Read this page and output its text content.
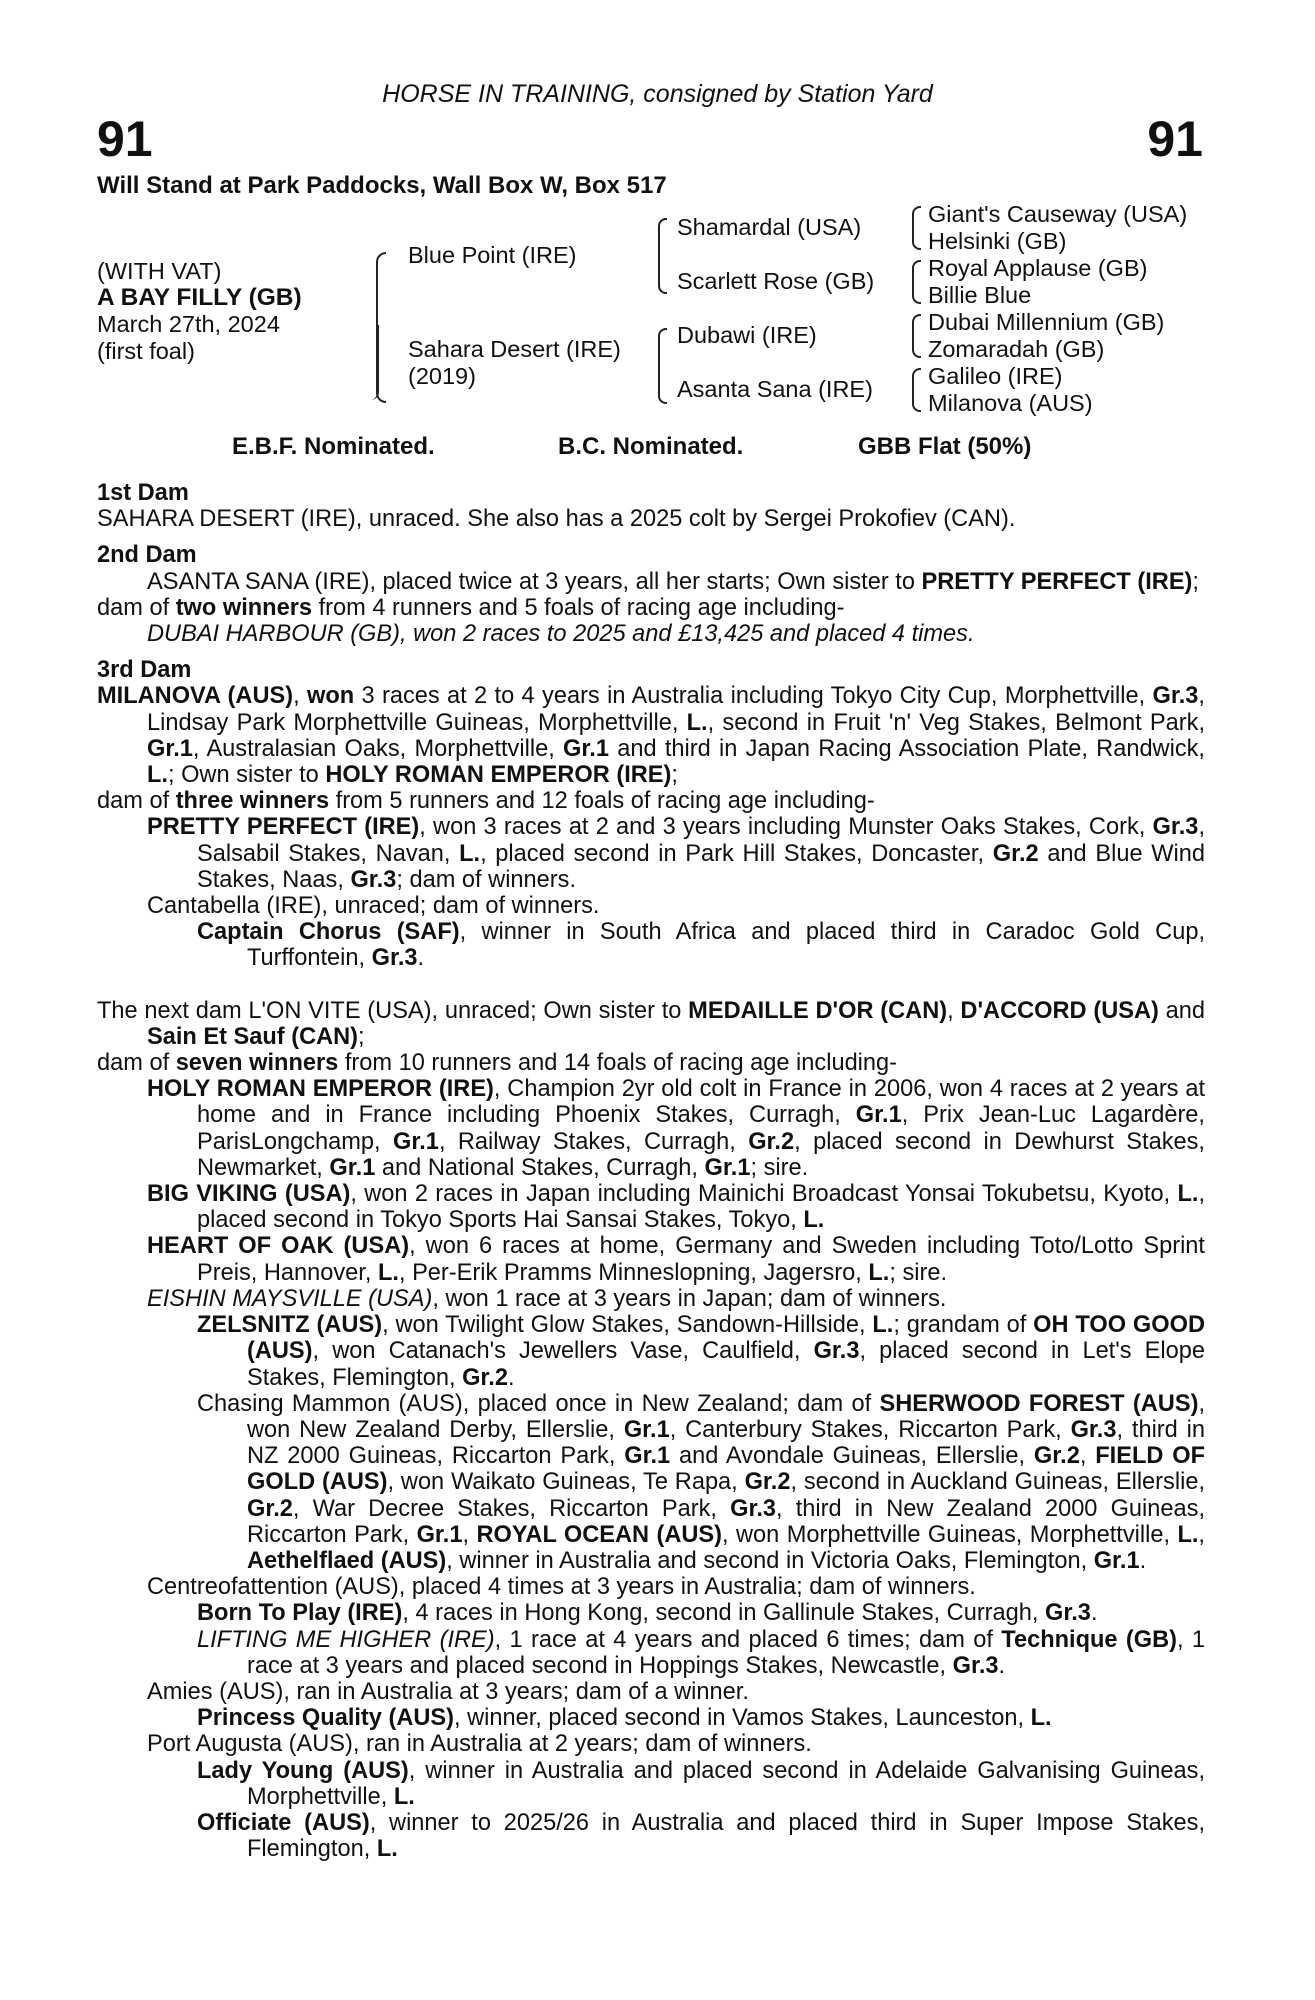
HORSE IN TRAINING, consigned by Station Yard
91	91
Will Stand at Park Paddocks, Wall Box W, Box 517
(WITH VAT)
A BAY FILLY (GB)
March 27th, 2024
(first foal)
Blue Point (IRE)
Sahara Desert (IRE)
(2019)
Shamardal (USA)
Scarlett Rose (GB)
Dubawi (IRE)
Asanta Sana (IRE)
Giant's Causeway (USA)
Helsinki (GB)
Royal Applause (GB)
Billie Blue
Dubai Millennium (GB)
Zomaradah (GB)
Galileo (IRE)
Milanova (AUS)
E.B.F. Nominated.	B.C. Nominated.	GBB Flat (50%)

1st Dam

SAHARA DESERT (IRE), unraced. She also has a 2025 colt by Sergei Prokofiev (CAN).

2nd Dam

ASANTA SANA (IRE), placed twice at 3 years, all her starts; Own sister to PRETTY PERFECT (IRE);

dam of two winners from 4 runners and 5 foals of racing age including-

DUBAI HARBOUR (GB), won 2 races to 2025 and £13,425 and placed 4 times.

3rd Dam

MILANOVA (AUS), won 3 races at 2 to 4 years in Australia including Tokyo City Cup, Morphettville, Gr.3, Lindsay Park Morphettville Guineas, Morphettville, L., second in Fruit 'n' Veg Stakes, Belmont Park, Gr.1, Australasian Oaks, Morphettville, Gr.1 and third in Japan Racing Association Plate, Randwick, L.; Own sister to HOLY ROMAN EMPEROR (IRE);

dam of three winners from 5 runners and 12 foals of racing age including-

PRETTY PERFECT (IRE), won 3 races at 2 and 3 years including Munster Oaks Stakes, Cork, Gr.3, Salsabil Stakes, Navan, L., placed second in Park Hill Stakes, Doncaster, Gr.2 and Blue Wind Stakes, Naas, Gr.3; dam of winners.

Cantabella (IRE), unraced; dam of winners.

Captain Chorus (SAF), winner in South Africa and placed third in Caradoc Gold Cup, Turffontein, Gr.3.

The next dam L'ON VITE (USA), unraced; Own sister to MEDAILLE D'OR (CAN), D'ACCORD (USA) and Sain Et Sauf (CAN);

dam of seven winners from 10 runners and 14 foals of racing age including-

HOLY ROMAN EMPEROR (IRE), Champion 2yr old colt in France in 2006, won 4 races at 2 years at home and in France including Phoenix Stakes, Curragh, Gr.1, Prix Jean-Luc Lagardère, ParisLongchamp, Gr.1, Railway Stakes, Curragh, Gr.2, placed second in Dewhurst Stakes, Newmarket, Gr.1 and National Stakes, Curragh, Gr.1; sire.

BIG VIKING (USA), won 2 races in Japan including Mainichi Broadcast Yonsai Tokubetsu, Kyoto, L., placed second in Tokyo Sports Hai Sansai Stakes, Tokyo, L.

HEART OF OAK (USA), won 6 races at home, Germany and Sweden including Toto/Lotto Sprint Preis, Hannover, L., Per-Erik Pramms Minneslopning, Jagersro, L.; sire.

EISHIN MAYSVILLE (USA), won 1 race at 3 years in Japan; dam of winners.

ZELSNITZ (AUS), won Twilight Glow Stakes, Sandown-Hillside, L.; grandam of OH TOO GOOD (AUS), won Catanach's Jewellers Vase, Caulfield, Gr.3, placed second in Let's Elope Stakes, Flemington, Gr.2.

Chasing Mammon (AUS), placed once in New Zealand; dam of SHERWOOD FOREST (AUS), won New Zealand Derby, Ellerslie, Gr.1, Canterbury Stakes, Riccarton Park, Gr.3, third in NZ 2000 Guineas, Riccarton Park, Gr.1 and Avondale Guineas, Ellerslie, Gr.2, FIELD OF GOLD (AUS), won Waikato Guineas, Te Rapa, Gr.2, second in Auckland Guineas, Ellerslie, Gr.2, War Decree Stakes, Riccarton Park, Gr.3, third in New Zealand 2000 Guineas, Riccarton Park, Gr.1, ROYAL OCEAN (AUS), won Morphettville Guineas, Morphettville, L., Aethelflaed (AUS), winner in Australia and second in Victoria Oaks, Flemington, Gr.1.

Centreofattention (AUS), placed 4 times at 3 years in Australia; dam of winners.

Born To Play (IRE), 4 races in Hong Kong, second in Gallinule Stakes, Curragh, Gr.3.

LIFTING ME HIGHER (IRE), 1 race at 4 years and placed 6 times; dam of Technique (GB), 1 race at 3 years and placed second in Hoppings Stakes, Newcastle, Gr.3.

Amies (AUS), ran in Australia at 3 years; dam of a winner.

Princess Quality (AUS), winner, placed second in Vamos Stakes, Launceston, L.

Port Augusta (AUS), ran in Australia at 2 years; dam of winners.

Lady Young (AUS), winner in Australia and placed second in Adelaide Galvanising Guineas, Morphettville, L.

Officiate (AUS), winner to 2025/26 in Australia and placed third in Super Impose Stakes, Flemington, L.
